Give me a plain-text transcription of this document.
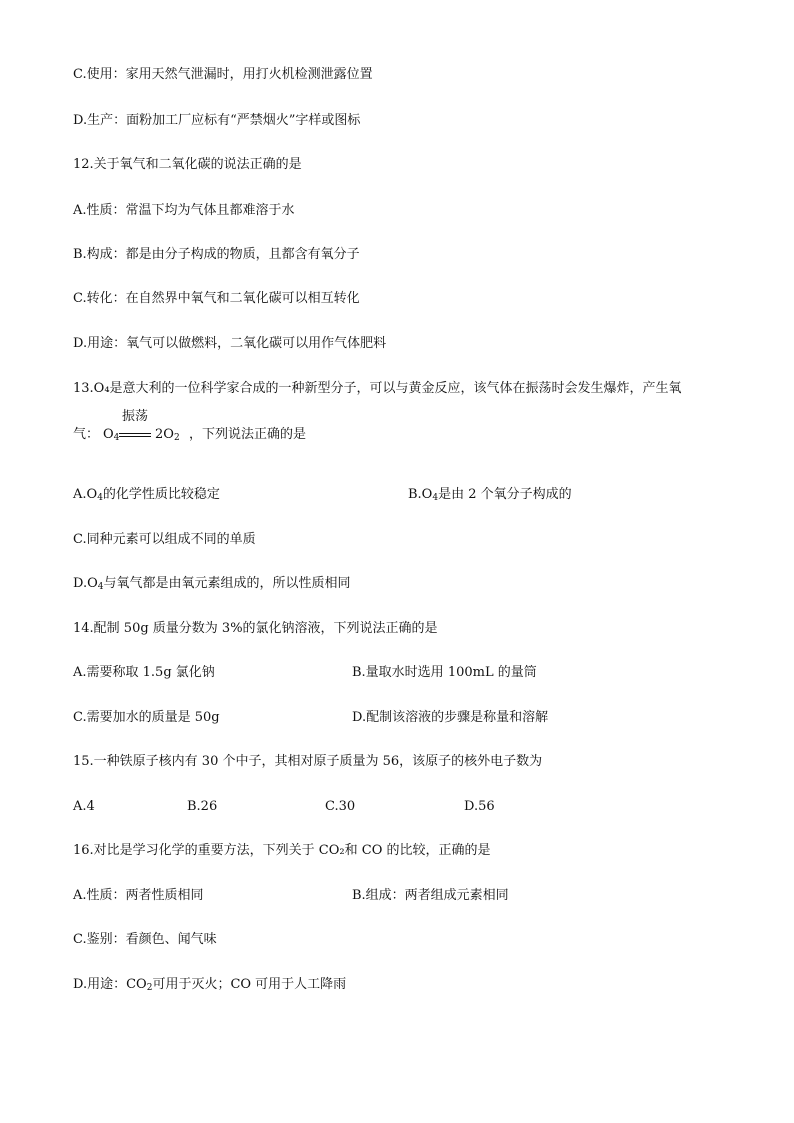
C.使用：家用天然气泄漏时，用打火机检测泄露位置
D.生产：面粉加工厂应标有“严禁烟火”字样或图标
12.关于氧气和二氧化碳的说法正确的是
A.性质：常温下均为气体且都难溶于水
B.构成：都是由分子构成的物质，且都含有氧分子
C.转化：在自然界中氧气和二氧化碳可以相互转化
D.用途：氧气可以做燃料，二氧化碳可以用作气体肥料
13.O₄是意大利的一位科学家合成的一种新型分子，可以与黄金反应，该气体在振荡时会发生爆炸，产生氧
气： $O_4$
振荡
$2O_2$ ，下列说法正确的是
$A.O_4$的化学性质比较稳定	$B.O_4$是由 2 个氧分子构成的
C.同种元素可以组成不同的单质
$D.O_4$与氧气都是由氧元素组成的，所以性质相同
14.配制 50g 质量分数为 3%的氯化钠溶液，下列说法正确的是
A.需要称取 1.5g 氯化钠	B.量取水时选用 100mL 的量筒
C.需要加水的质量是 50g	D.配制该溶液的步骤是称量和溶解
15.一种铁原子核内有 30 个中子，其相对原子质量为 56，该原子的核外电子数为
A.4	B.26	C.30	D.56
16.对比是学习化学的重要方法，下列关于 CO₂和 CO 的比较，正确的是
A.性质：两者性质相同	B.组成：两者组成元素相同
C.鉴别：看颜色、闻气味
D.用途：$CO_2$可用于灭火；CO 可用于人工降雨
